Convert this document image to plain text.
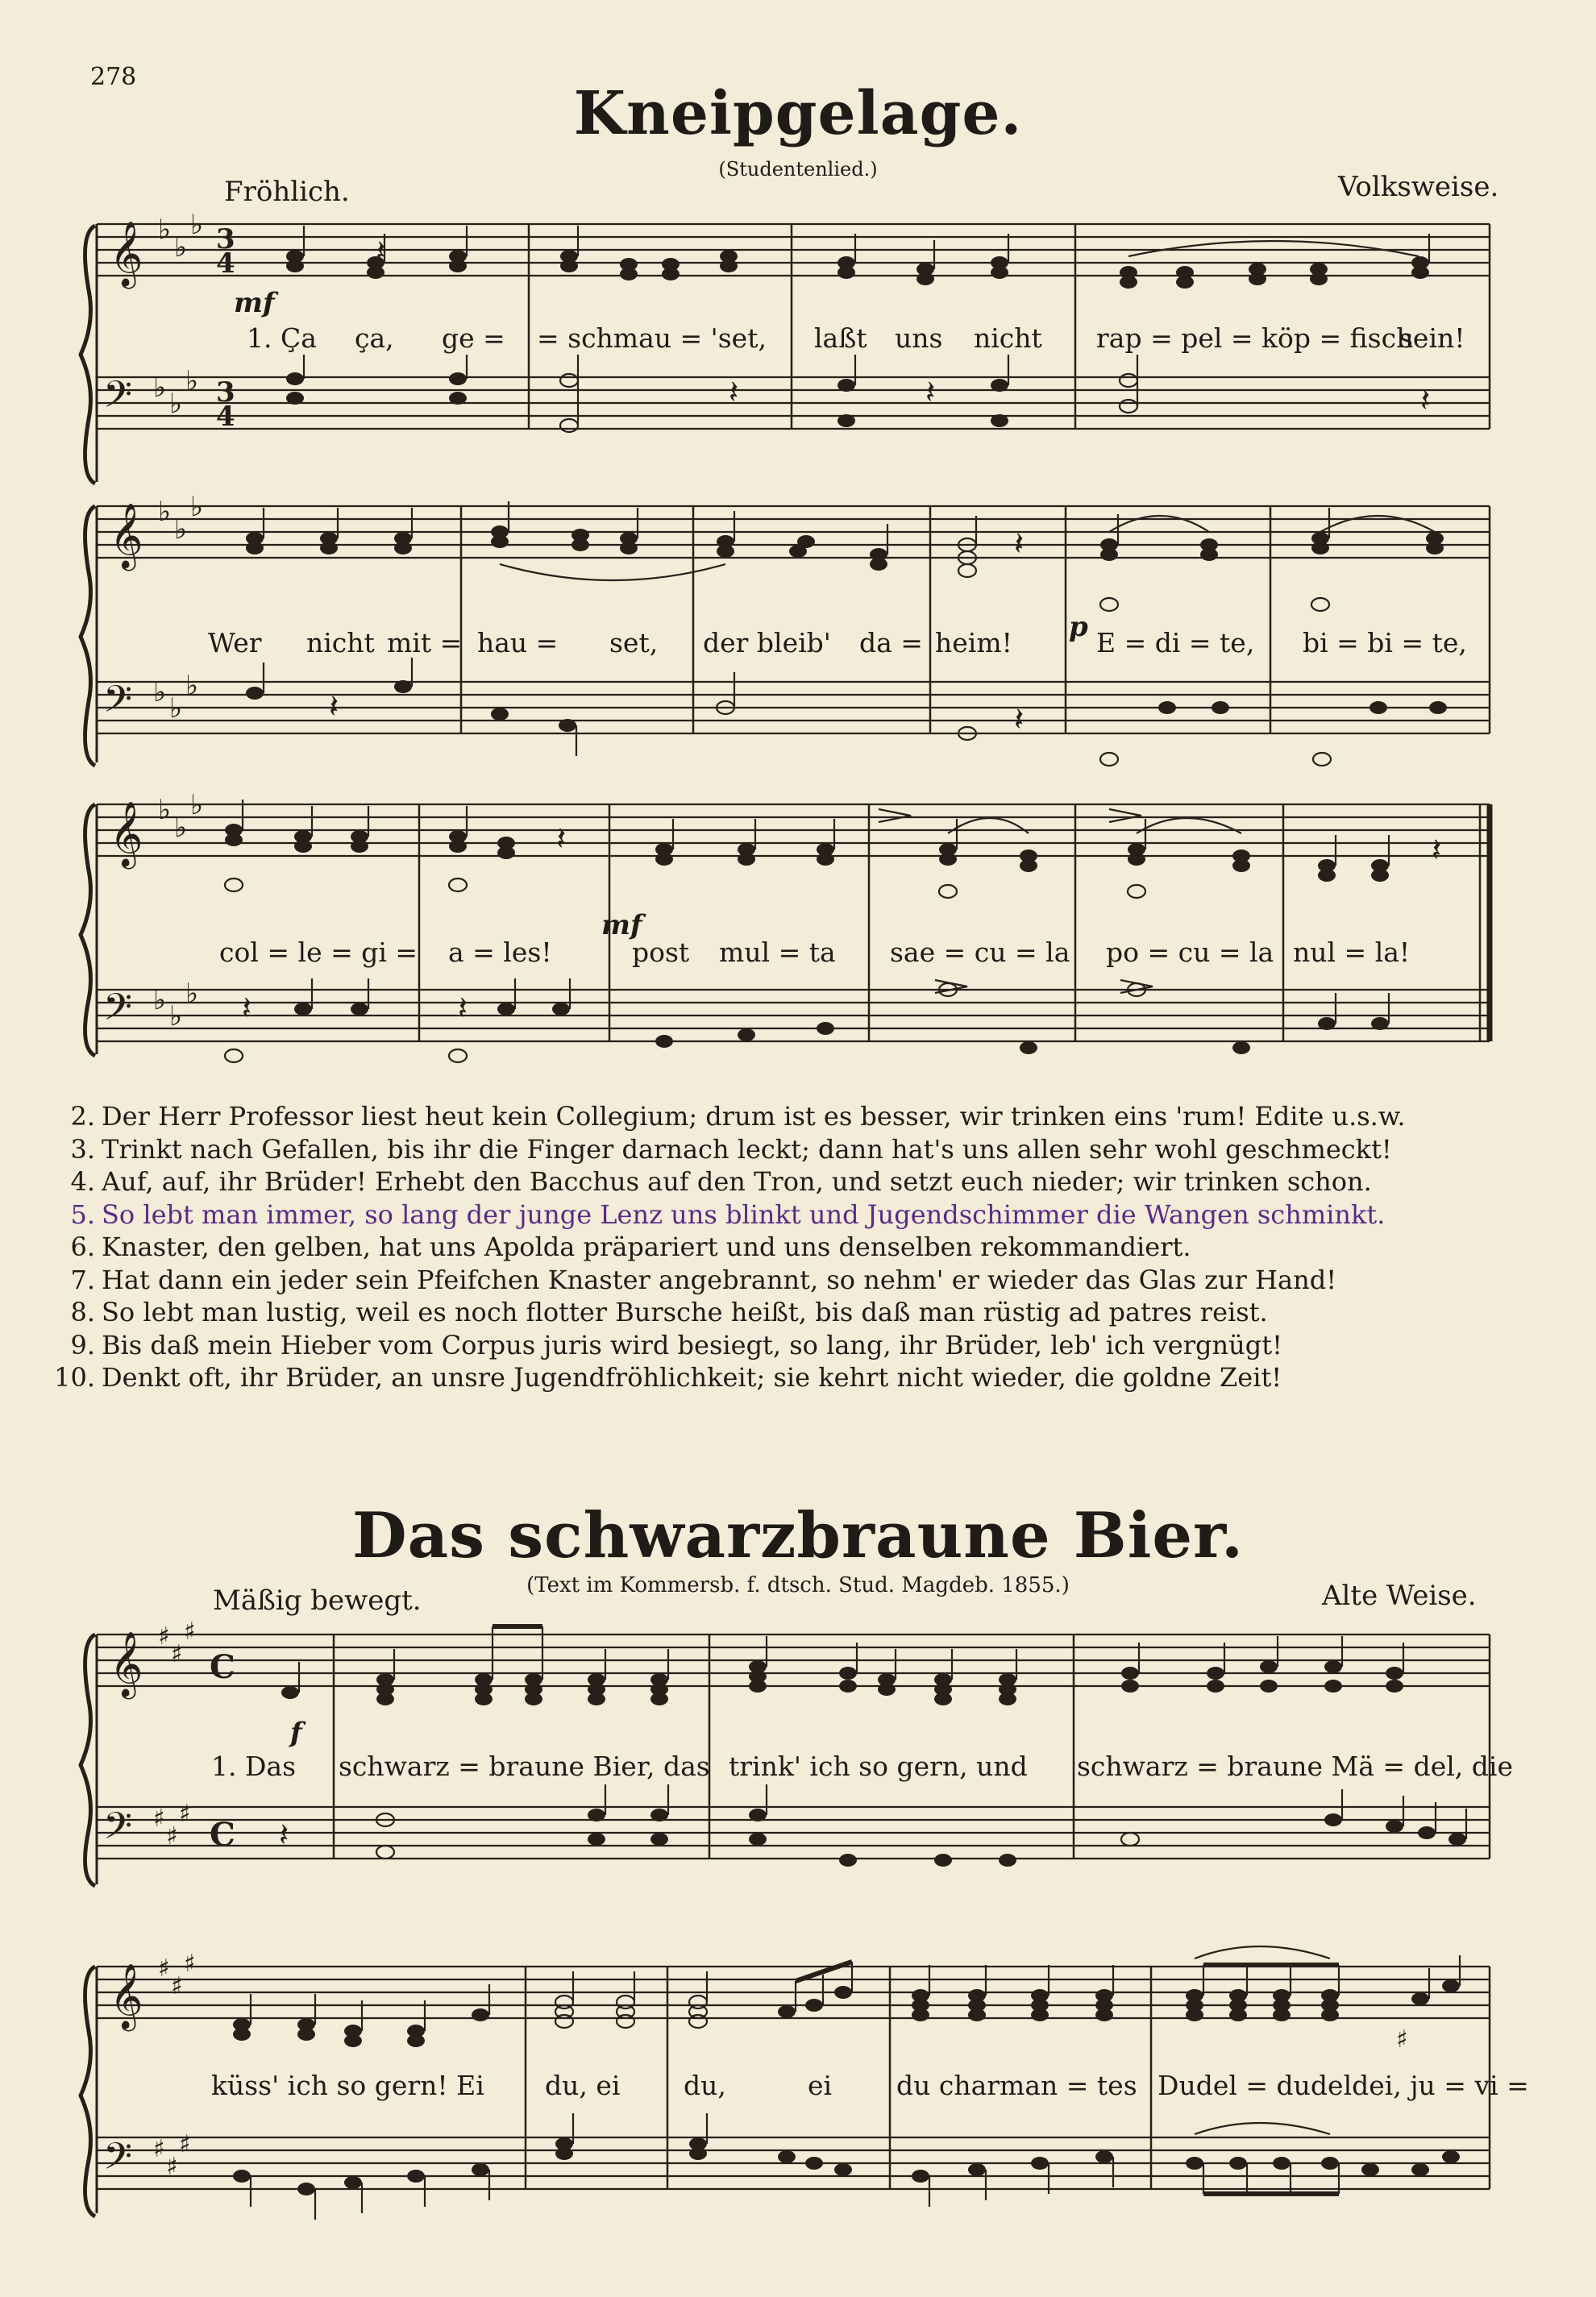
278
Kneipgelage.
(Studentenlied.)
Fröhlich.	Volksweise.
𝄞
𝄢
♭
♭
♭
♭ ♭
♭
3
4
3
4
𝄽
𝄽
𝄽	𝄽
𝄞
𝄢
♭
♭
♭
♭ ♭
♭
𝄽
𝄽	𝄽
𝄞
𝄢
♭
♭
♭
♭ ♭
♭
𝄽	𝄽
𝄽	𝄽
𝄞
𝄢
♯
♯
♯
♯
♯
♯
C
C 𝄽
𝄞
𝄢
♯
♯
♯
♯
♯
♯
♯
mf
p
mf
1. Ça ça, ge = = schmau = 'set, laßt uns nicht rap = pel = köp = fisch
sein!
Wer nicht mit = hau = set, der bleib' da = heim!	E = di = te, bi = bi = te,
col = le = gi = a = les!	post mul = ta sae = cu = la po = cu = la nul = la!
2. Der Herr Professor liest heut kein Collegium; drum ist es besser, wir trinken eins 'rum! Edite u.s.w.
3. Trinkt nach Gefallen, bis ihr die Finger darnach leckt; dann hat's uns allen sehr wohl geschmeckt!
4. Auf, auf, ihr Brüder! Erhebt den Bacchus auf den Tron, und setzt euch nieder; wir trinken schon.
5. So lebt man immer, so lang der junge Lenz uns blinkt und Jugendschimmer die Wangen schminkt.
6. Knaster, den gelben, hat uns Apolda präpariert und uns denselben rekommandiert.
7. Hat dann ein jeder sein Pfeifchen Knaster angebrannt, so nehm' er wieder das Glas zur Hand!
8. So lebt man lustig, weil es noch flotter Bursche heißt, bis daß man rüstig ad patres reist.
9. Bis daß mein Hieber vom Corpus juris wird besiegt, so lang, ihr Brüder, leb' ich vergnügt!
10. Denkt oft, ihr Brüder, an unsre Jugendfröhlichkeit; sie kehrt nicht wieder, die goldne Zeit!
Das schwarzbraune Bier.
(Text im Kommersb. f. dtsch. Stud. Magdeb. 1855.)
Mäßig bewegt.	Alte Weise.
f
1. Das schwarz = braune Bier, das trink' ich so gern, und schwarz = braune Mä = del, die
küss' ich so gern! Ei du, ei du,	ei du charman = tes Dudel = dudeldei, ju = vi =
